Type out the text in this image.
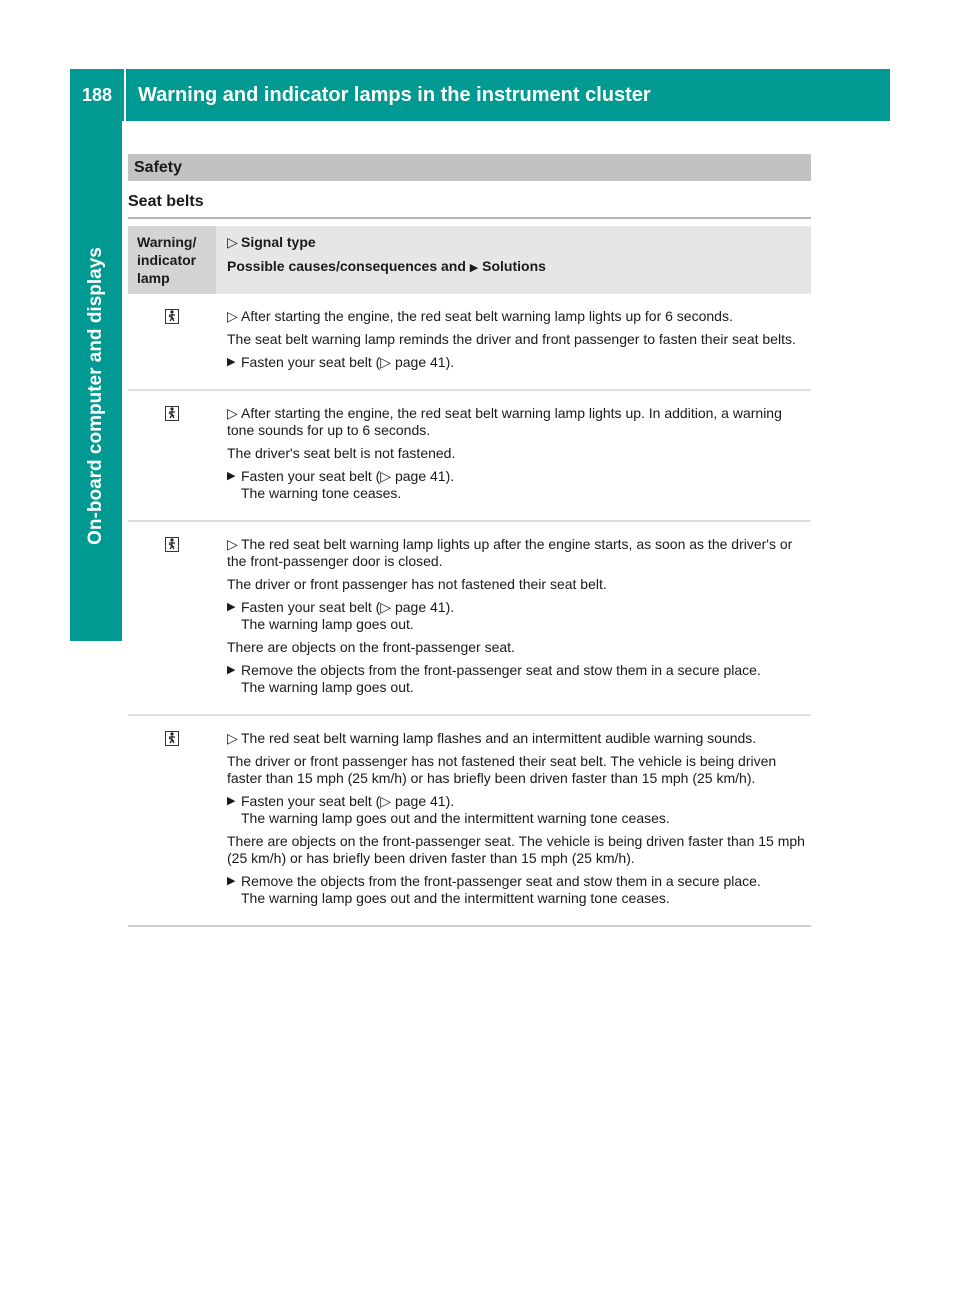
188	Warning and indicator lamps in the instrument cluster
On-board computer and displays
Safety
Seat belts
Warning/ indicator lamp

▷ Signal type

Possible causes/consequences and ▶ Solutions

▷ After starting the engine, the red seat belt warning lamp lights up for 6 seconds.

The seat belt warning lamp reminds the driver and front passenger to fasten their seat belts.

▶ Fasten your seat belt (▷ page 41).

▷ After starting the engine, the red seat belt warning lamp lights up. In addition, a warning tone sounds for up to 6 seconds.

The driver's seat belt is not fastened.

▶ Fasten your seat belt (▷ page 41).

The warning tone ceases.

▷ The red seat belt warning lamp lights up after the engine starts, as soon as the driver's or the front-passenger door is closed.

The driver or front passenger has not fastened their seat belt.

▶ Fasten your seat belt (▷ page 41).

The warning lamp goes out.

There are objects on the front-passenger seat.

▶ Remove the objects from the front-passenger seat and stow them in a secure place.

The warning lamp goes out.

▷ The red seat belt warning lamp flashes and an intermittent audible warning sounds.

The driver or front passenger has not fastened their seat belt. The vehicle is being driven faster than 15 mph (25 km/h) or has briefly been driven faster than 15 mph (25 km/h).

▶ Fasten your seat belt (▷ page 41).

The warning lamp goes out and the intermittent warning tone ceases.

There are objects on the front-passenger seat. The vehicle is being driven faster than 15 mph (25 km/h) or has briefly been driven faster than 15 mph (25 km/h).

▶ Remove the objects from the front-passenger seat and stow them in a secure place.

The warning lamp goes out and the intermittent warning tone ceases.
